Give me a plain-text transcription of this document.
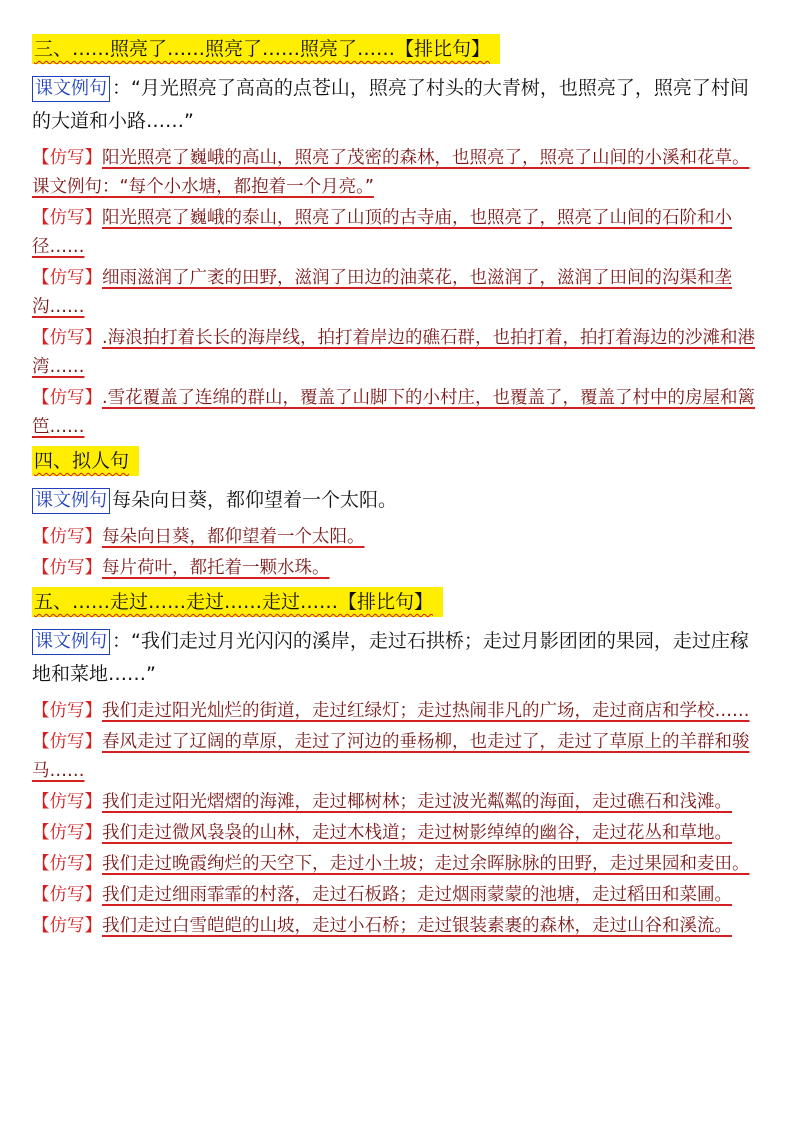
三、……照亮了……照亮了……照亮了……【排比句】
课文例句 ：“月光照亮了高高的点苍山，照亮了村头的大青树，也照亮了，照亮了村间的大道和小路……”
【仿写】阳光照亮了巍峨的高山，照亮了茂密的森林，也照亮了，照亮了山间的小溪和花草。课文例句：“每个小水塘，都抱着一个月亮。”
【仿写】阳光照亮了巍峨的泰山，照亮了山顶的古寺庙，也照亮了，照亮了山间的石阶和小径……
【仿写】细雨滋润了广袤的田野，滋润了田边的油菜花，也滋润了，滋润了田间的沟渠和垄沟……
【仿写】.海浪拍打着长长的海岸线，拍打着岸边的礁石群，也拍打着，拍打着海边的沙滩和港湾……
【仿写】.雪花覆盖了连绵的群山，覆盖了山脚下的小村庄，也覆盖了，覆盖了村中的房屋和篱笆……
四、拟人句
课文例句 每朵向日葵，都仰望着一个太阳。
【仿写】每朵向日葵，都仰望着一个太阳。
【仿写】每片荷叶，都托着一颗水珠。
五、……走过……走过……走过……【排比句】
课文例句 ：“我们走过月光闪闪的溪岸，走过石拱桥；走过月影团团的果园，走过庄稼地和菜地……”
【仿写】我们走过阳光灿烂的街道，走过红绿灯；走过热闹非凡的广场，走过商店和学校……
【仿写】春风走过了辽阔的草原，走过了河边的垂杨柳，也走过了，走过了草原上的羊群和骏马……
【仿写】我们走过阳光熠熠的海滩，走过椰树林；走过波光粼粼的海面，走过礁石和浅滩。
【仿写】我们走过微风袅袅的山林，走过木栈道；走过树影绰绰的幽谷，走过花丛和草地。
【仿写】我们走过晚霞绚烂的天空下，走过小土坡；走过余晖脉脉的田野，走过果园和麦田。
【仿写】我们走过细雨霏霏的村落，走过石板路；走过烟雨蒙蒙的池塘，走过稻田和菜圃。
【仿写】我们走过白雪皑皑的山坡，走过小石桥；走过银装素裹的森林，走过山谷和溪流。
